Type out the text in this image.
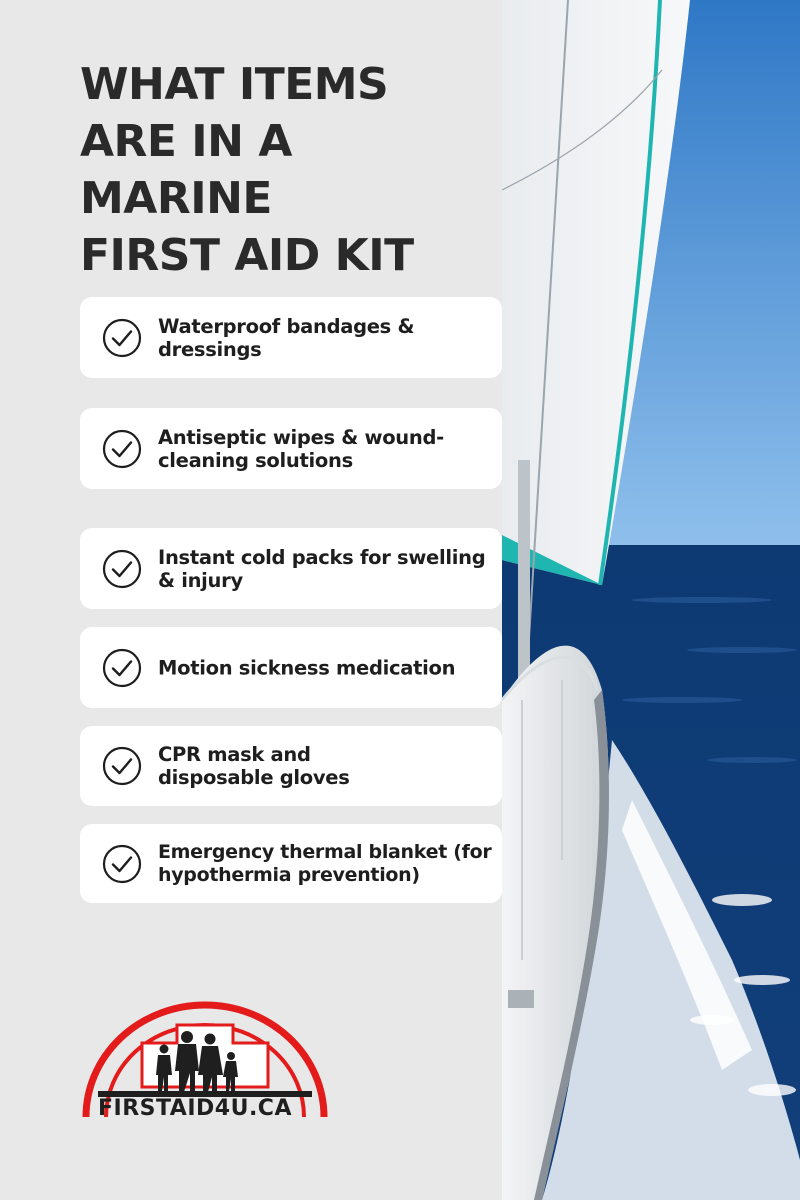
WHAT ITEMS
ARE IN A
MARINE
FIRST AID KIT
Waterproof bandages & dressings
Antiseptic wipes & wound-cleaning solutions
Instant cold packs for swelling & injury
Motion sickness medication
CPR mask and disposable gloves
Emergency thermal blanket (for hypothermia prevention)
FIRSTAID4U.CA
